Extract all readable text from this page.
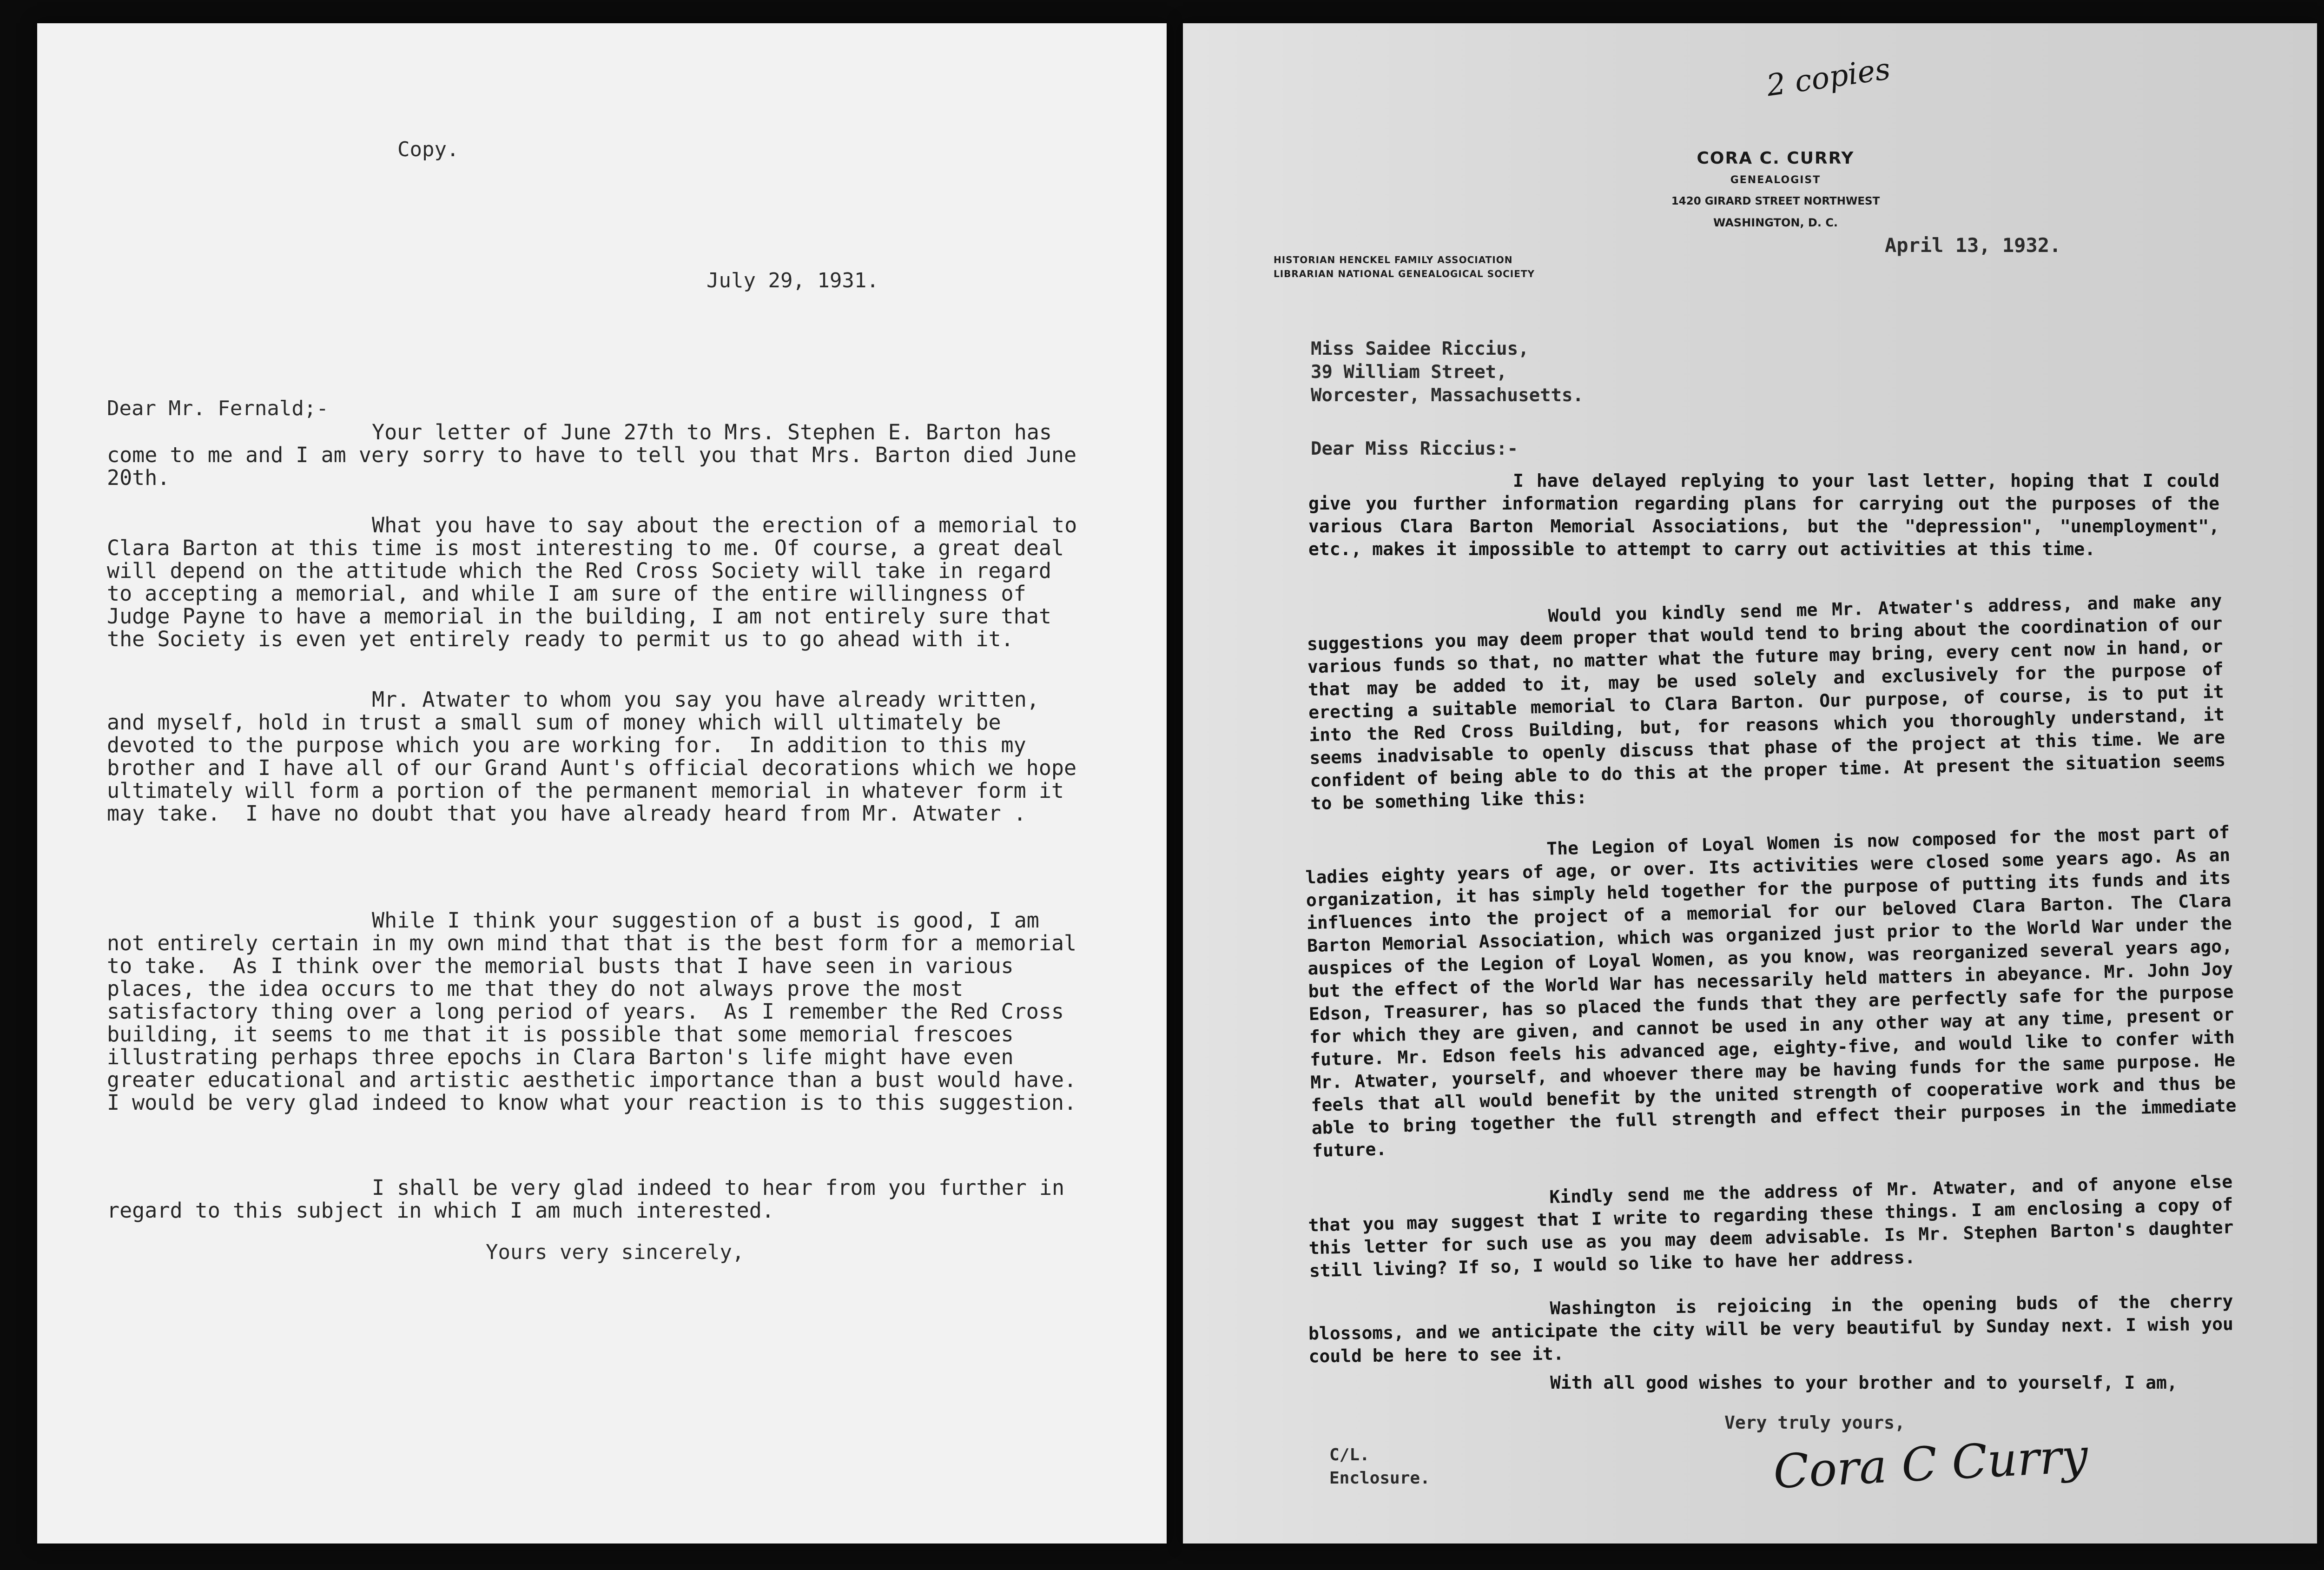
Copy.
July 29, 1931.
Dear Mr. Fernald;-
Your letter of June 27th to Mrs. Stephen E. Barton has come to me and I am very sorry to have to tell you that Mrs. Barton died June 20th.
What you have to say about the erection of a memorial to Clara Barton at this time is most interesting to me. Of course, a great deal will depend on the attitude which the Red Cross Society will take in regard to accepting a memorial, and while I am sure of the entire willingness of Judge Payne to have a memorial in the building, I am not entirely sure that the Society is even yet entirely ready to permit us to go ahead with it.
Mr. Atwater to whom you say you have already written, and myself, hold in trust a small sum of money which will ultimately be devoted to the purpose which you are working for.  In addition to this my brother and I have all of our Grand Aunt's official decorations which we hope ultimately will form a portion of the permanent memorial in whatever form it may take.  I have no doubt that you have already heard from Mr. Atwater .
While I think your suggestion of a bust is good, I am not entirely certain in my own mind that that is the best form for a memorial to take.  As I think over the memorial busts that I have seen in various places, the idea occurs to me that they do not always prove the most satisfactory thing over a long period of years.  As I remember the Red Cross building, it seems to me that it is possible that some memorial frescoes illustrating perhaps three epochs in Clara Barton's life might have even greater educational and artistic aesthetic importance than a bust would have.  I would be very glad indeed to know what your reaction is to this suggestion.
I shall be very glad indeed to hear from you further in regard to this subject in which I am much interested.
Yours very sincerely,
2 copies
CORA C. CURRY
GENEALOGIST
1420 GIRARD STREET NORTHWEST
WASHINGTON, D. C.
HISTORIAN HENCKEL FAMILY ASSOCIATION
LIBRARIAN NATIONAL GENEALOGICAL SOCIETY
April 13, 1932.
Miss Saidee Riccius,
39 William Street,
Worcester, Massachusetts.
Dear Miss Riccius:-
I have delayed replying to your last letter, hoping that I could give you further information regarding plans for carrying out the purposes of the various Clara Barton Memorial Associations, but the "depression", "unemployment", etc., makes it impossible to attempt to carry out activities at this time.
Would you kindly send me Mr. Atwater's address, and make any suggestions you may deem proper that would tend to bring about the coordination of our various funds so that, no matter what the future may bring, every cent now in hand, or that may be added to it, may be used solely and exclusively for the purpose of erecting a suitable memorial to Clara Barton. Our purpose, of course, is to put it into the Red Cross Building, but, for reasons which you thoroughly understand, it seems inadvisable to openly discuss that phase of the project at this time. We are confident of being able to do this at the proper time. At present the situation seems to be something like this:
The Legion of Loyal Women is now composed for the most part of ladies eighty years of age, or over. Its activities were closed some years ago. As an organization, it has simply held together for the purpose of putting its funds and its influences into the project of a memorial for our beloved Clara Barton. The Clara Barton Memorial Association, which was organized just prior to the World War under the auspices of the Legion of Loyal Women, as you know, was reorganized several years ago, but the effect of the World War has necessarily held matters in abeyance. Mr. John Joy Edson, Treasurer, has so placed the funds that they are perfectly safe for the purpose for which they are given, and cannot be used in any other way at any time, present or future. Mr. Edson feels his advanced age, eighty-five, and would like to confer with Mr. Atwater, yourself, and whoever there may be having funds for the same purpose. He feels that all would benefit by the united strength of cooperative work and thus be able to bring together the full strength and effect their purposes in the immediate future.
Kindly send me the address of Mr. Atwater, and of anyone else that you may suggest that I write to regarding these things. I am enclosing a copy of this letter for such use as you may deem advisable. Is Mr. Stephen Barton's daughter still living? If so, I would so like to have her address.
Washington is rejoicing in the opening buds of the cherry blossoms, and we anticipate the city will be very beautiful by Sunday next. I wish you could be here to see it.
With all good wishes to your brother and to yourself, I am,
Very truly yours,
Cora C Curry
C/L.
Enclosure.
